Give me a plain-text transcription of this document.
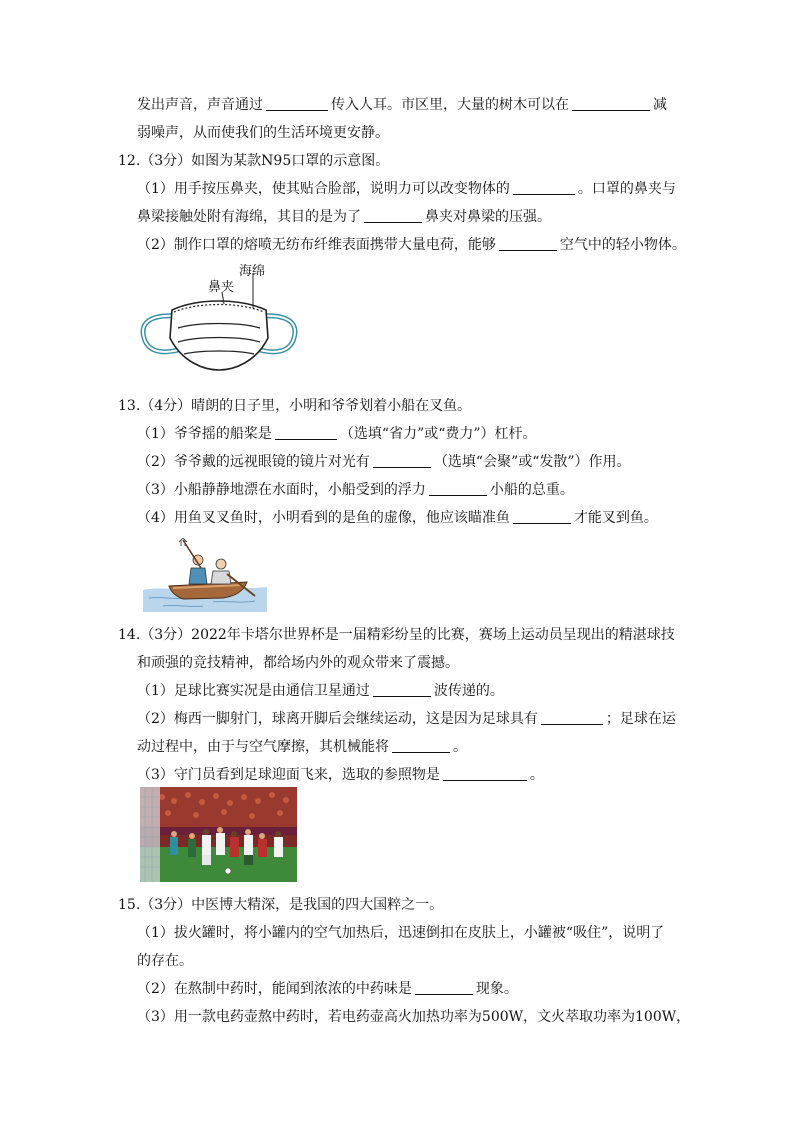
发出声音，声音通过	传入人耳。市区里，大量的树木可以在	减
弱噪声，从而使我们的生活环境更安静。
12.（3分）如图为某款N95口罩的示意图。
（1）用手按压鼻夹，使其贴合脸部，说明力可以改变物体的	。口罩的鼻夹与
鼻梁接触处附有海绵，其目的是为了	鼻夹对鼻梁的压强。
（2）制作口罩的熔喷无纺布纤维表面携带大量电荷，能够	空气中的轻小物体。
海绵
鼻夹
13.（4分）晴朗的日子里，小明和爷爷划着小船在叉鱼。
（1）爷爷摇的船桨是	（选填“省力”或“费力”）杠杆。
（2）爷爷戴的远视眼镜的镜片对光有	（选填“会聚”或“发散”）作用。
（3）小船静静地漂在水面时，小船受到的浮力	小船的总重。
（4）用鱼叉叉鱼时，小明看到的是鱼的虚像，他应该瞄准鱼	才能叉到鱼。
14.（3分）2022年卡塔尔世界杯是一届精彩纷呈的比赛，赛场上运动员呈现出的精湛球技
和顽强的竞技精神，都给场内外的观众带来了震撼。
（1）足球比赛实况是由通信卫星通过	波传递的。
（2）梅西一脚射门，球离开脚后会继续运动，这是因为足球具有	；足球在运
动过程中，由于与空气摩擦，其机械能将	。
（3）守门员看到足球迎面飞来，选取的参照物是	。
15.（3分）中医博大精深，是我国的四大国粹之一。
（1）拔火罐时，将小罐内的空气加热后，迅速倒扣在皮肤上，小罐被“吸住”，说明了
的存在。
（2）在熬制中药时，能闻到浓浓的中药味是	现象。
（3）用一款电药壶熬中药时，若电药壶高火加热功率为500W，文火萃取功率为100W，
